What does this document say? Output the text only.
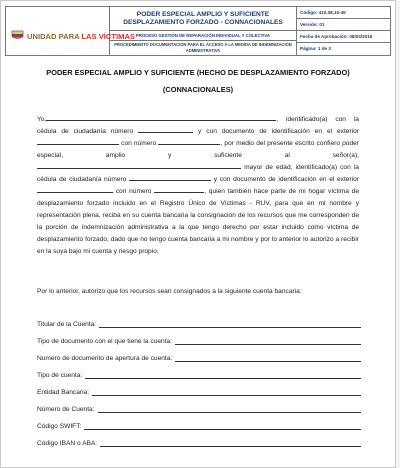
UNIDAD PARA LAS VÍCTIMAS
PODER ESPECIAL AMPLIO Y SUFICIENTE DESPLAZAMIENTO FORZADO - CONNACIONALES
PROCESO GESTIÓN DE REPARACIÓN INDIVIDUAL Y COLECTIVA
PROCEDIMIENTO DOCUMENTACIÓN PARA EL ACCESO A LA MEDIDA DE INDEMNIZACIÓN ADMINISTRATIVA
Código: 410,08,15-45
Versión: 01
Fecha de Aprobación: 08/03/2016
Página: 1 de 3
PODER ESPECIAL AMPLIO Y SUFICIENTE (HECHO DE DESPLAZAMIENTO FORZADO)
(CONNACIONALES)
Yo,	, identificado(a) con la cédula de ciudadanía número	y con documento de identificación en el exterior  con número	, por medio del presente escrito confiero poder especial, amplio y suficiente al señor(a),  mayor de edad, identificado(a) con la cédula de ciudadanía número	y con documento de identificación en el exterior  con número	, quien también hace parte de mi hogar víctima de desplazamiento forzado incluido en el Registro Único de Víctimas - RUV, para que en mi nombre y representación plena, reciba en su cuenta bancaria la consignación de los recursos que me corresponden de la porción de indemnización administrativa a la que tengo derecho por estar incluido como víctima de desplazamiento forzado, dado que no tengo cuenta bancaria a mi nombre y por lo anterior lo autorizo a recibir en la suya bajo mi cuenta y riesgo propio.
Por lo anterior, autorizo que los recursos sean consignados a la siguiente cuenta bancaria:
Titular de la Cuenta:
Tipo de documento con el que tiene la cuenta:
Numero de documento de apertura de cuenta:
Tipo de cuenta:
Entidad Bancaria:
Número de Cuenta:
Código SWIFT:
Código IBAN o ABA:
